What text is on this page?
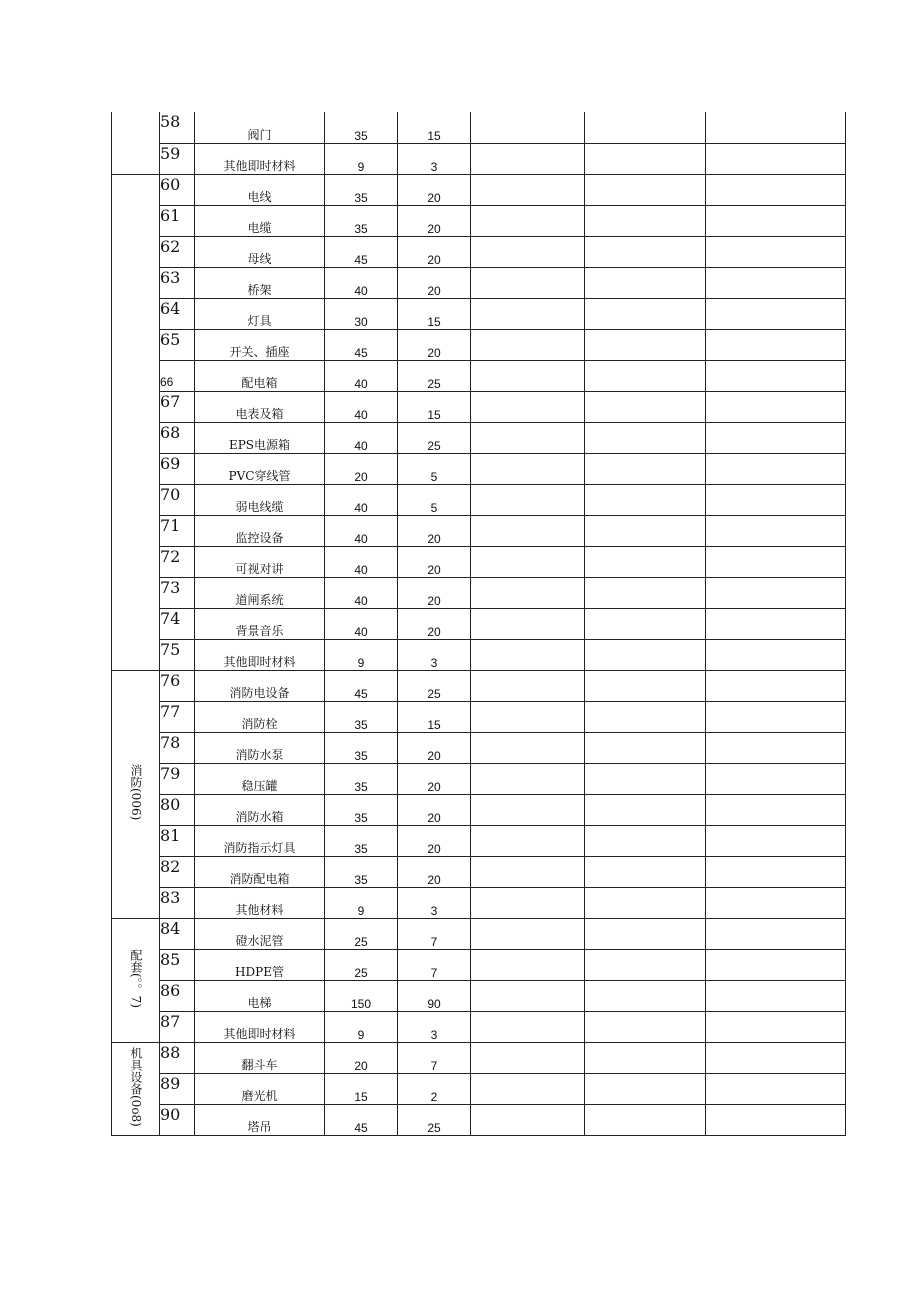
	58	阀门	35	15			
	59	其他即时材料	9	3			
	60	电线	35	20			
	61	电缆	35	20			
	62	母线	45	20			
	63	桥架	40	20			
	64	灯具	30	15			
	65	开关、插座	45	20			
	66	配电箱	40	25			
	67	电表及箱	40	15			
	68	EPS电源箱	40	25			
	69	PVC穿线管	20	5			
	70	弱电线缆	40	5			
	71	监控设备	40	20			
	72	可视对讲	40	20			
	73	道闸系统	40	20			
	74	背景音乐	40	20			
	75	其他即时材料	9	3			
消防(006)	76	消防电设备	45	25			
	77	消防栓	35	15			
	78	消防水泵	35	20			
	79	稳压罐	35	20			
	80	消防水箱	35	20			
	81	消防指示灯具	35	20			
	82	消防配电箱	35	20			
	83	其他材料	9	3			
配套(。。7)	84	磴水泥管	25	7			
	85	HDPE管	25	7			
	86	电梯	150	90			
	87	其他即时材料	9	3			
机具设备(0o8)	88	翻斗车	20	7			
	89	磨光机	15	2			
	90	塔吊	45	25			
